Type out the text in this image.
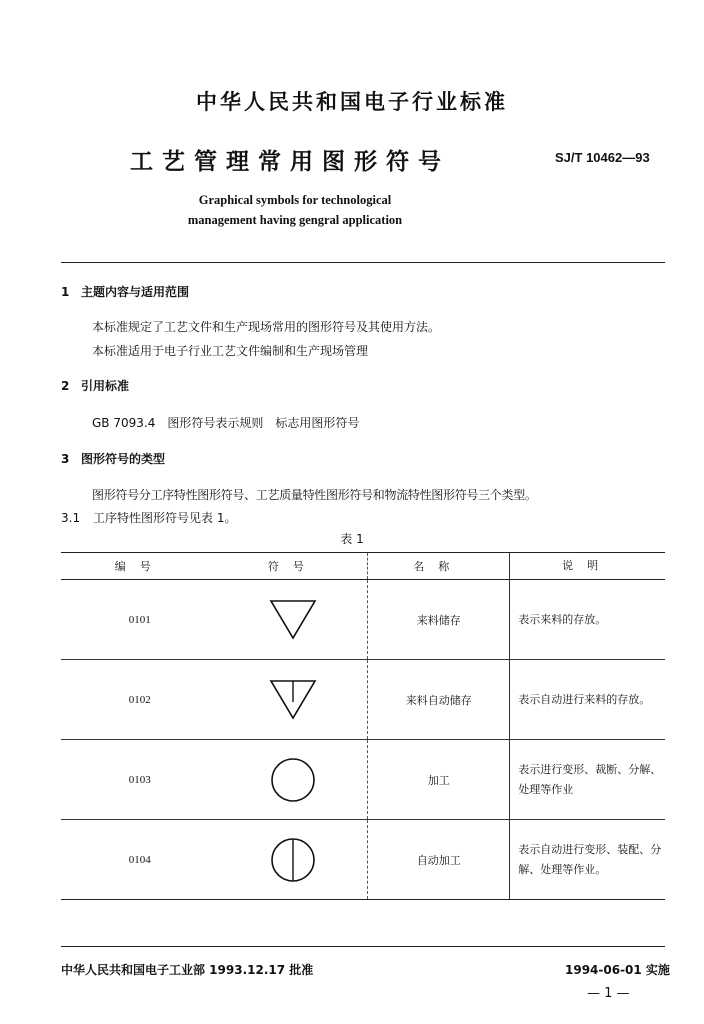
中华人民共和国电子行业标准
工艺管理常用图形符号	SJ/T 10462—93
Graphical symbols for technological
management having gengral application
1 主题内容与适用范围
本标准规定了工艺文件和生产现场常用的图形符号及其使用方法。
本标准适用于电子行业工艺文件编制和生产现场管理
2 引用标准
GB 7093.4　图形符号表示规则　标志用图形符号
3 图形符号的类型
图形符号分工序特性图形符号、工艺质量特性图形符号和物流特性图形符号三个类型。
3.1 工序特性图形符号见表 1。
表 1
编号	符号	名称	说明
0101		来料储存	表示来料的存放。
0102		来料自动储存	表示自动进行来料的存放。
0103		加工	表示进行变形、裁断、分解、处理等作业
0104		自动加工	表示自动进行变形、装配、分解、处理等作业。
中华人民共和国电子工业部 1993.12.17 批准	1994-06-01 实施
— 1 —
